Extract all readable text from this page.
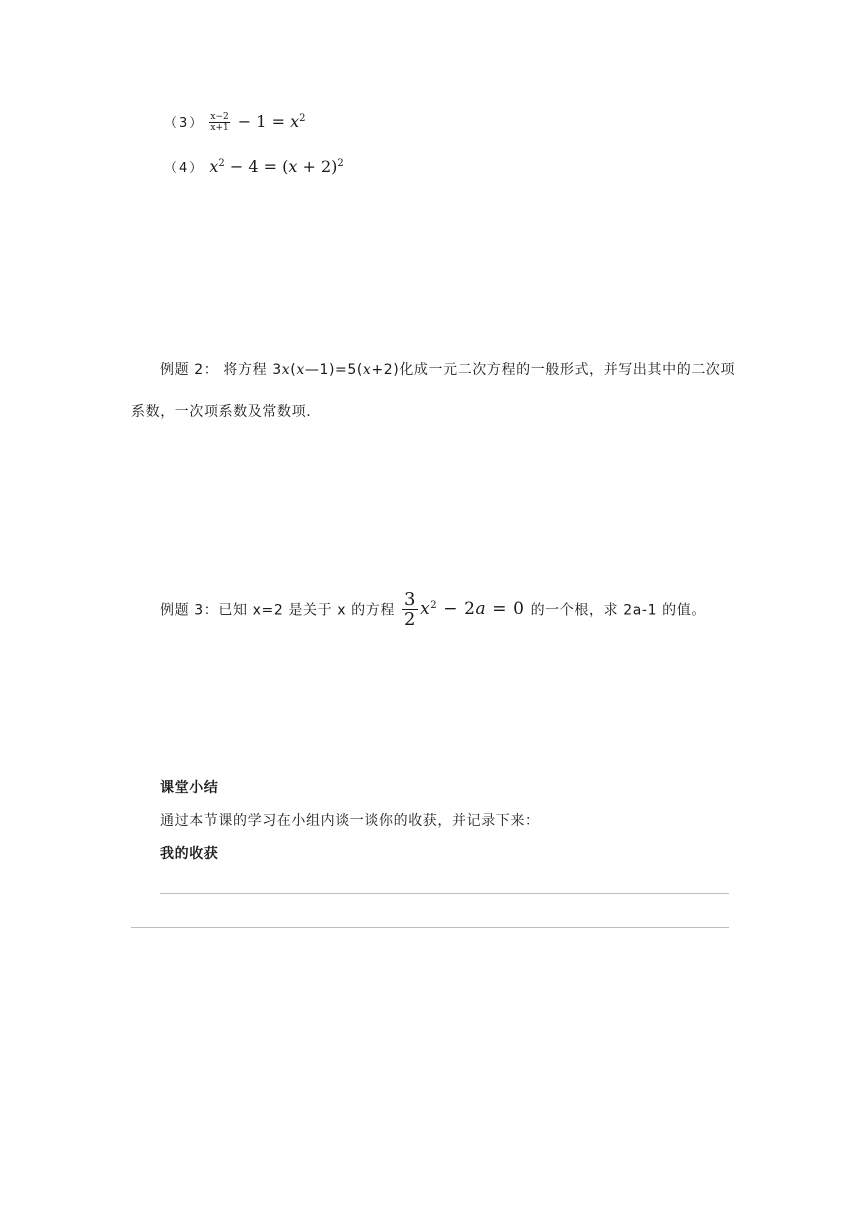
$(3) \frac{x-2}{x+1} - 1 = x^2$
（4） $x^2 - 4 = (x + 2)^2$
例题 2： 将方程 3x(x—1)=5(x+2)化成一元二次方程的一般形式，并写出其中的二次项
系数，一次项系数及常数项.
例题 3：已知 x=2 是关于 x 的方程 $\frac{3}{2} x^2 - 2a = 0$ 的一个根，求 2a-1 的值。
课堂小结
通过本节课的学习在小组内谈一谈你的收获，并记录下来：
我的收获
